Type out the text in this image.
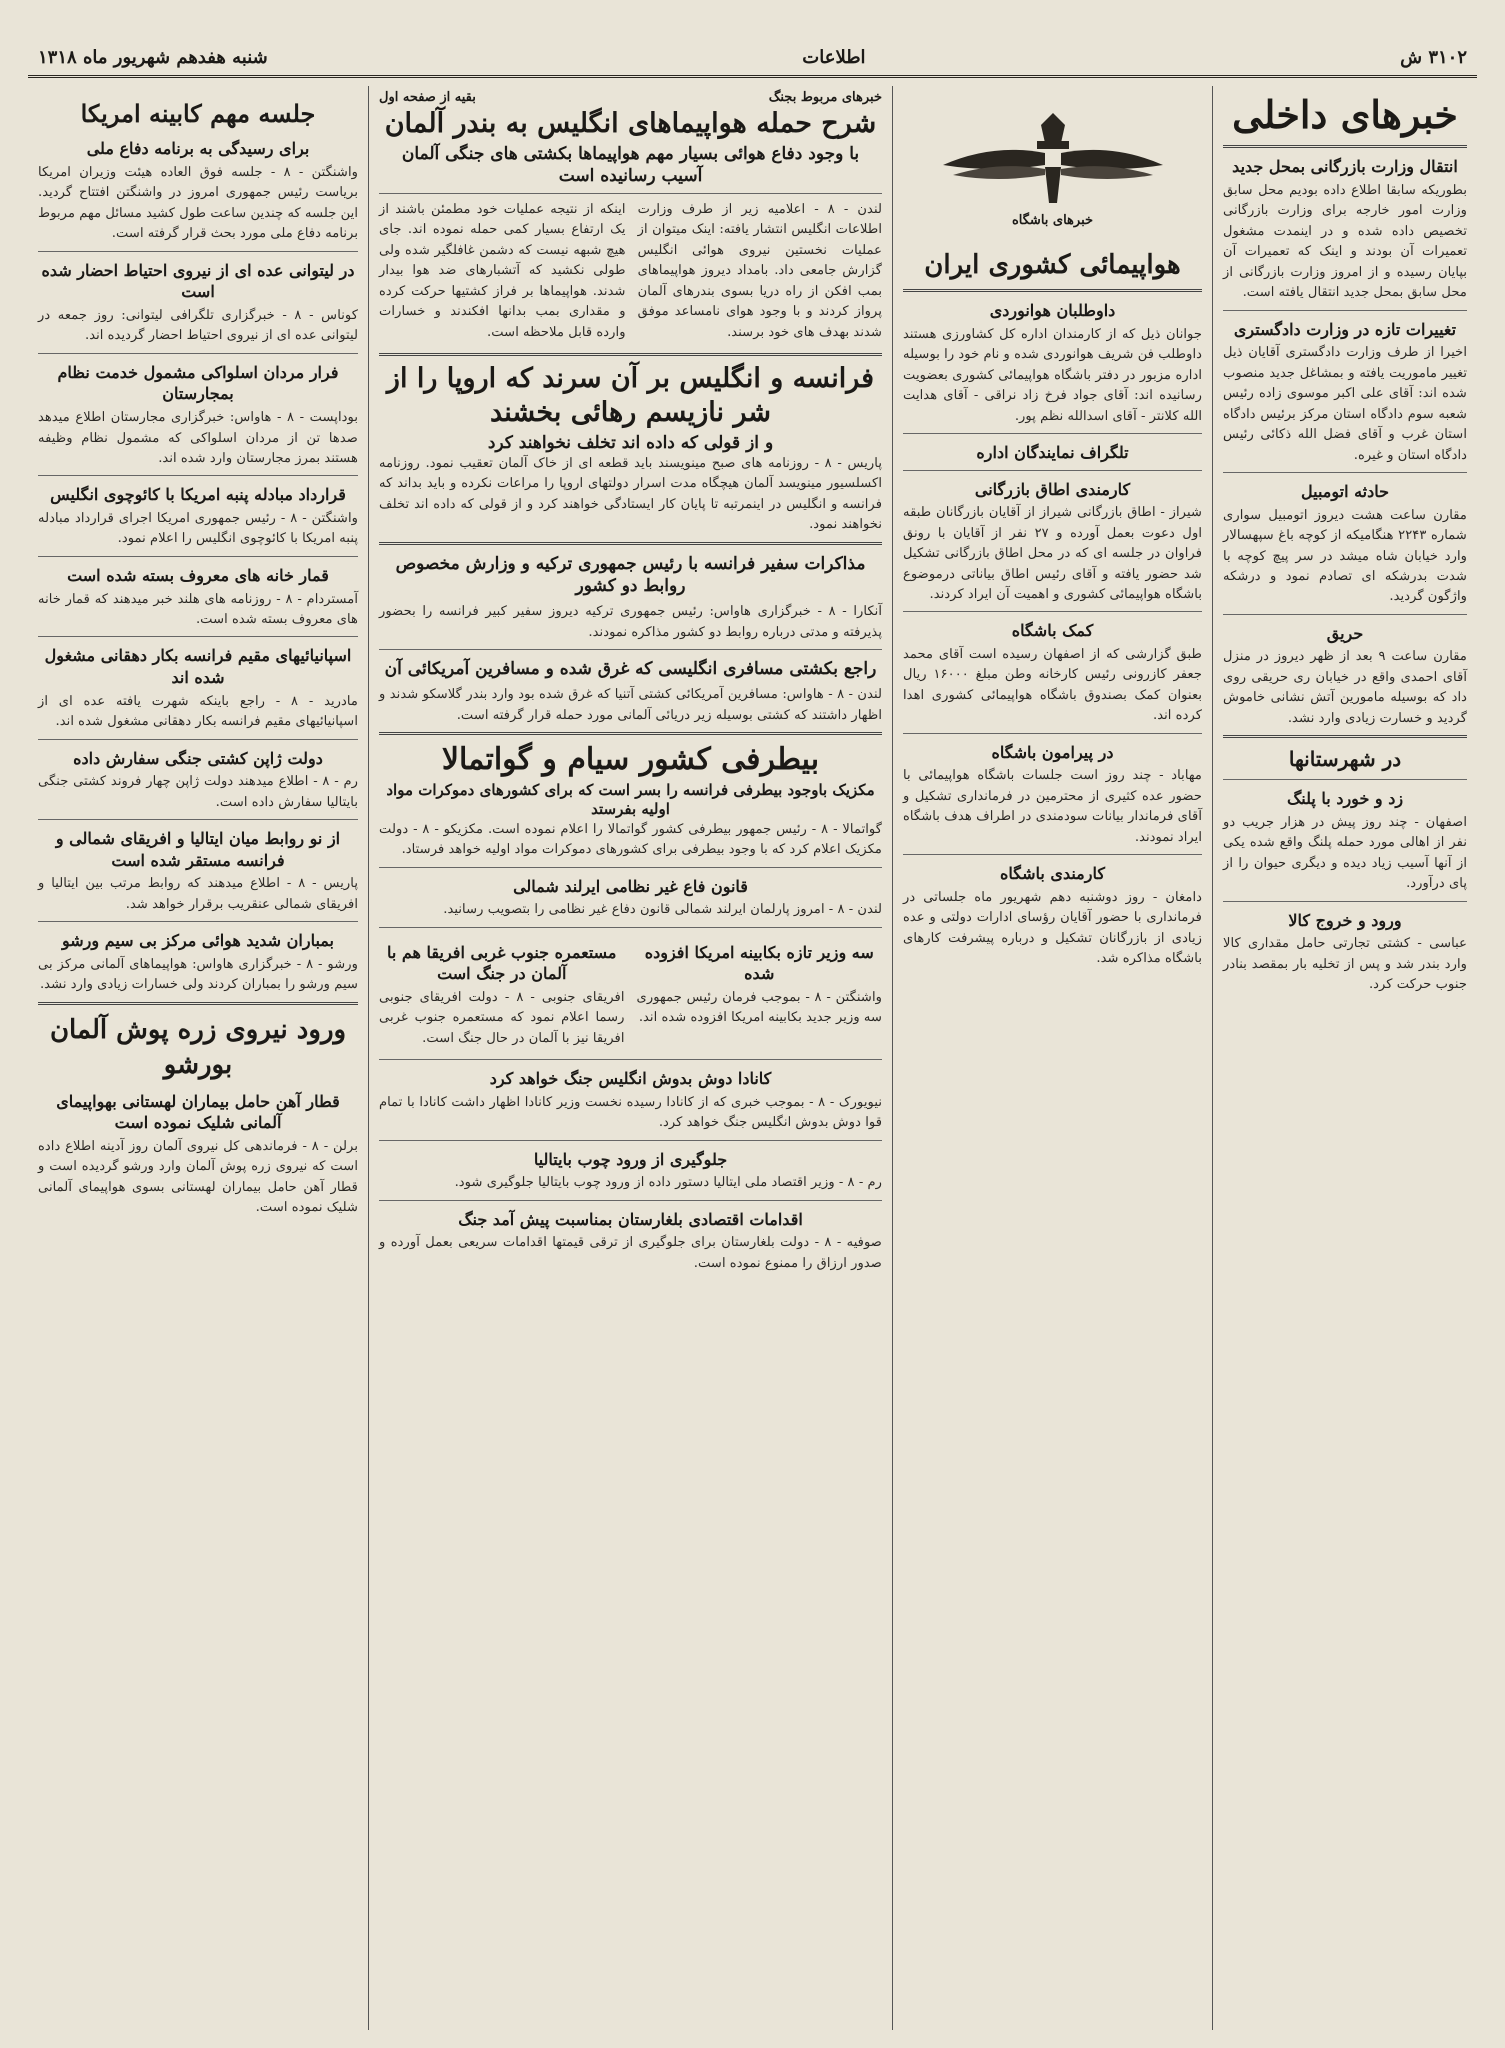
۳۱۰۲ ش
اطلاعات
شنبه هفدهم شهریور ماه ۱۳۱۸
خبرهای داخلی
انتقال وزارت بازرگانی بمحل جدید

بطوریکه سابقا اطلاع داده بودیم محل سابق وزارت امور خارجه برای وزارت بازرگانی تخصیص داده شده و در اینمدت مشغول تعمیرات آن بودند و اینک که تعمیرات آن بپایان رسیده و از امروز وزارت بازرگانی از محل سابق بمحل جدید انتقال یافته است.

تغییرات تازه در وزارت دادگستری

اخیرا از طرف وزارت دادگستری آقایان ذیل تغییر ماموریت یافته و بمشاغل جدید منصوب شده اند: آقای علی اکبر موسوی زاده رئیس شعبه سوم دادگاه استان مرکز برئیس دادگاه استان غرب و آقای فضل الله ذکائی رئیس دادگاه استان و غیره.

حادثه اتومبیل

مقارن ساعت هشت دیروز اتومبیل سواری شماره ۲۲۴۳ هنگامیکه از کوچه باغ سپهسالار وارد خیابان شاه میشد در سر پیچ کوچه با شدت بدرشکه ای تصادم نمود و درشکه واژگون گردید.

حریق

مقارن ساعت ۹ بعد از ظهر دیروز در منزل آقای احمدی واقع در خیابان ری حریقی روی داد که بوسیله مامورین آتش نشانی خاموش گردید و خسارت زیادی وارد نشد.

در شهرستانها
زد و خورد با پلنگ

اصفهان - چند روز پیش در هزار جریب دو نفر از اهالی مورد حمله پلنگ واقع شده یکی از آنها آسیب زیاد دیده و دیگری حیوان را از پای درآورد.

ورود و خروج کالا

عباسی - کشتی تجارتی حامل مقداری کالا وارد بندر شد و پس از تخلیه بار بمقصد بنادر جنوب حرکت کرد.

خبرهای باشگاه
هواپیمائی کشوری ایران
داوطلبان هوانوردی

جوانان ذیل که از کارمندان اداره کل کشاورزی هستند داوطلب فن شریف هوانوردی شده و نام خود را بوسیله اداره مزبور در دفتر باشگاه هواپیمائی کشوری بعضویت رسانیده اند: آقای جواد فرخ زاد نراقی - آقای هدایت الله کلانتر - آقای اسدالله نظم پور.

تلگراف نمایندگان اداره
کارمندی اطاق بازرگانی

شیراز - اطاق بازرگانی شیراز از آقایان بازرگانان طبقه اول دعوت بعمل آورده و ۲۷ نفر از آقایان با رونق فراوان در جلسه ای که در محل اطاق بازرگانی تشکیل شد حضور یافته و آقای رئیس اطاق بیاناتی درموضوع باشگاه هواپیمائی کشوری و اهمیت آن ایراد کردند.

کمک باشگاه

طبق گزارشی که از اصفهان رسیده است آقای محمد جعفر کازرونی رئیس کارخانه وطن مبلغ ۱۶۰۰۰ ریال بعنوان کمک بصندوق باشگاه هواپیمائی کشوری اهدا کرده اند.

در پیرامون باشگاه

مهاباد - چند روز است جلسات باشگاه هواپیمائی با حضور عده کثیری از محترمین در فرمانداری تشکیل و آقای فرماندار بیانات سودمندی در اطراف هدف باشگاه ایراد نمودند.

کارمندی باشگاه

دامغان - روز دوشنبه دهم شهریور ماه جلساتی در فرمانداری با حضور آقایان رؤسای ادارات دولتی و عده زیادی از بازرگانان تشکیل و درباره پیشرفت کارهای باشگاه مذاکره شد.

خبرهای مربوط بجنگ
بقیه از صفحه اول
شرح حمله هواپیماهای انگلیس به بندر آلمان
با وجود دفاع هوائی بسیار مهم هواپیماها بکشتی های جنگی آلمان آسیب رسانیده است

لندن - ۸ - اعلامیه زیر از طرف وزارت اطلاعات انگلیس انتشار یافته: اینک میتوان از عملیات نخستین نیروی هوائی انگلیس گزارش جامعی داد. بامداد دیروز هواپیماهای بمب افکن از راه دریا بسوی بندرهای آلمان پرواز کردند و با وجود هوای نامساعد موفق شدند بهدف های خود برسند.

اینکه از نتیجه عملیات خود مطمئن باشند از یک ارتفاع بسیار کمی حمله نموده اند. جای هیچ شبهه نیست که دشمن غافلگیر شده ولی طولی نکشید که آتشبارهای ضد هوا بیدار شدند. هواپیماها بر فراز کشتیها حرکت کرده و مقداری بمب بدانها افکندند و خسارات وارده قابل ملاحظه است.

فرانسه و انگلیس بر آن سرند که اروپا را از شر نازیسم رهائی بخشند
و از قولی که داده اند تخلف نخواهند کرد

پاریس - ۸ - روزنامه های صبح مینویسند باید قطعه ای از خاک آلمان تعقیب نمود. روزنامه اکسلسیور مینویسد آلمان هیچگاه مدت اسرار دولتهای اروپا را مراعات نکرده و باید بداند که فرانسه و انگلیس در اینمرتبه تا پایان کار ایستادگی خواهند کرد و از قولی که داده اند تخلف نخواهند نمود.

مذاکرات سفیر فرانسه با رئیس جمهوری ترکیه و وزارش مخصوص روابط دو کشور

آنکارا - ۸ - خبرگزاری هاواس: رئیس جمهوری ترکیه دیروز سفیر کبیر فرانسه را بحضور پذیرفته و مدتی درباره روابط دو کشور مذاکره نمودند.

راجع بکشتی مسافری انگلیسی که غرق شده و مسافرین آمریکائی آن

لندن - ۸ - هاواس: مسافرین آمریکائی کشتی آتنیا که غرق شده بود وارد بندر گلاسکو شدند و اظهار داشتند که کشتی بوسیله زیر دریائی آلمانی مورد حمله قرار گرفته است.

بیطرفی کشور سیام و گواتمالا
مکزیک باوجود بیطرفی فرانسه را بسر است که برای کشورهای دموکرات مواد اولیه بفرستد

گواتمالا - ۸ - رئیس جمهور بیطرفی کشور گواتمالا را اعلام نموده است. مکزیکو - ۸ - دولت مکزیک اعلام کرد که با وجود بیطرفی برای کشورهای دموکرات مواد اولیه خواهد فرستاد.

قانون فاع غیر نظامی ایرلند شمالی

لندن - ۸ - امروز پارلمان ایرلند شمالی قانون دفاع غیر نظامی را بتصویب رسانید.

سه وزیر تازه بکابینه امریکا افزوده شده

واشنگتن - ۸ - بموجب فرمان رئیس جمهوری سه وزیر جدید بکابینه امریکا افزوده شده اند.

مستعمره جنوب غربی افریقا هم با آلمان در جنگ است

افریقای جنوبی - ۸ - دولت افریقای جنوبی رسما اعلام نمود که مستعمره جنوب غربی افریقا نیز با آلمان در حال جنگ است.

کانادا دوش بدوش انگلیس جنگ خواهد کرد

نیویورک - ۸ - بموجب خبری که از کانادا رسیده نخست وزیر کانادا اظهار داشت کانادا با تمام قوا دوش بدوش انگلیس جنگ خواهد کرد.

جلوگیری از ورود چوب بایتالیا

رم - ۸ - وزیر اقتصاد ملی ایتالیا دستور داده از ورود چوب بایتالیا جلوگیری شود.

اقدامات اقتصادی بلغارستان بمناسبت پیش آمد جنگ

صوفیه - ۸ - دولت بلغارستان برای جلوگیری از ترقی قیمتها اقدامات سریعی بعمل آورده و صدور ارزاق را ممنوع نموده است.

جلسه مهم کابینه امریکا
برای رسیدگی به برنامه دفاع ملی

واشنگتن - ۸ - جلسه فوق العاده هیئت وزیران امریکا بریاست رئیس جمهوری امروز در واشنگتن افتتاح گردید. این جلسه که چندین ساعت طول کشید مسائل مهم مربوط برنامه دفاع ملی مورد بحث قرار گرفته است.

در لیتوانی عده ای از نیروی احتیاط احضار شده است

کوناس - ۸ - خبرگزاری تلگرافی لیتوانی: روز جمعه در لیتوانی عده ای از نیروی احتیاط احضار گردیده اند.

فرار مردان اسلواکی مشمول خدمت نظام بمجارستان

بوداپست - ۸ - هاواس: خبرگزاری مجارستان اطلاع میدهد صدها تن از مردان اسلواکی که مشمول نظام وظیفه هستند بمرز مجارستان وارد شده اند.

قرارداد مبادله پنبه امریکا با کائوچوی انگلیس

واشنگتن - ۸ - رئیس جمهوری امریکا اجرای قرارداد مبادله پنبه امریکا با کائوچوی انگلیس را اعلام نمود.

قمار خانه های معروف بسته شده است

آمستردام - ۸ - روزنامه های هلند خبر میدهند که قمار خانه های معروف بسته شده است.

اسپانیائیهای مقیم فرانسه بکار دهقانی مشغول شده اند

مادرید - ۸ - راجع باینکه شهرت یافته عده ای از اسپانیائیهای مقیم فرانسه بکار دهقانی مشغول شده اند.

دولت ژاپن کشتی جنگی سفارش داده

رم - ۸ - اطلاع میدهند دولت ژاپن چهار فروند کشتی جنگی بایتالیا سفارش داده است.

از نو روابط میان ایتالیا و افریقای شمالی و فرانسه مستقر شده است

پاریس - ۸ - اطلاع میدهند که روابط مرتب بین ایتالیا و افریقای شمالی عنقریب برقرار خواهد شد.

بمباران شدید هوائی مرکز بی سیم ورشو

ورشو - ۸ - خبرگزاری هاواس: هواپیماهای آلمانی مرکز بی سیم ورشو را بمباران کردند ولی خسارات زیادی وارد نشد.

ورود نیروی زره پوش آلمان بورشو
قطار آهن حامل بیماران لهستانی بهواپیمای آلمانی شلیک نموده است

برلن - ۸ - فرماندهی کل نیروی آلمان روز آدینه اطلاع داده است که نیروی زره پوش آلمان وارد ورشو گردیده است و قطار آهن حامل بیماران لهستانی بسوی هواپیمای آلمانی شلیک نموده است.
